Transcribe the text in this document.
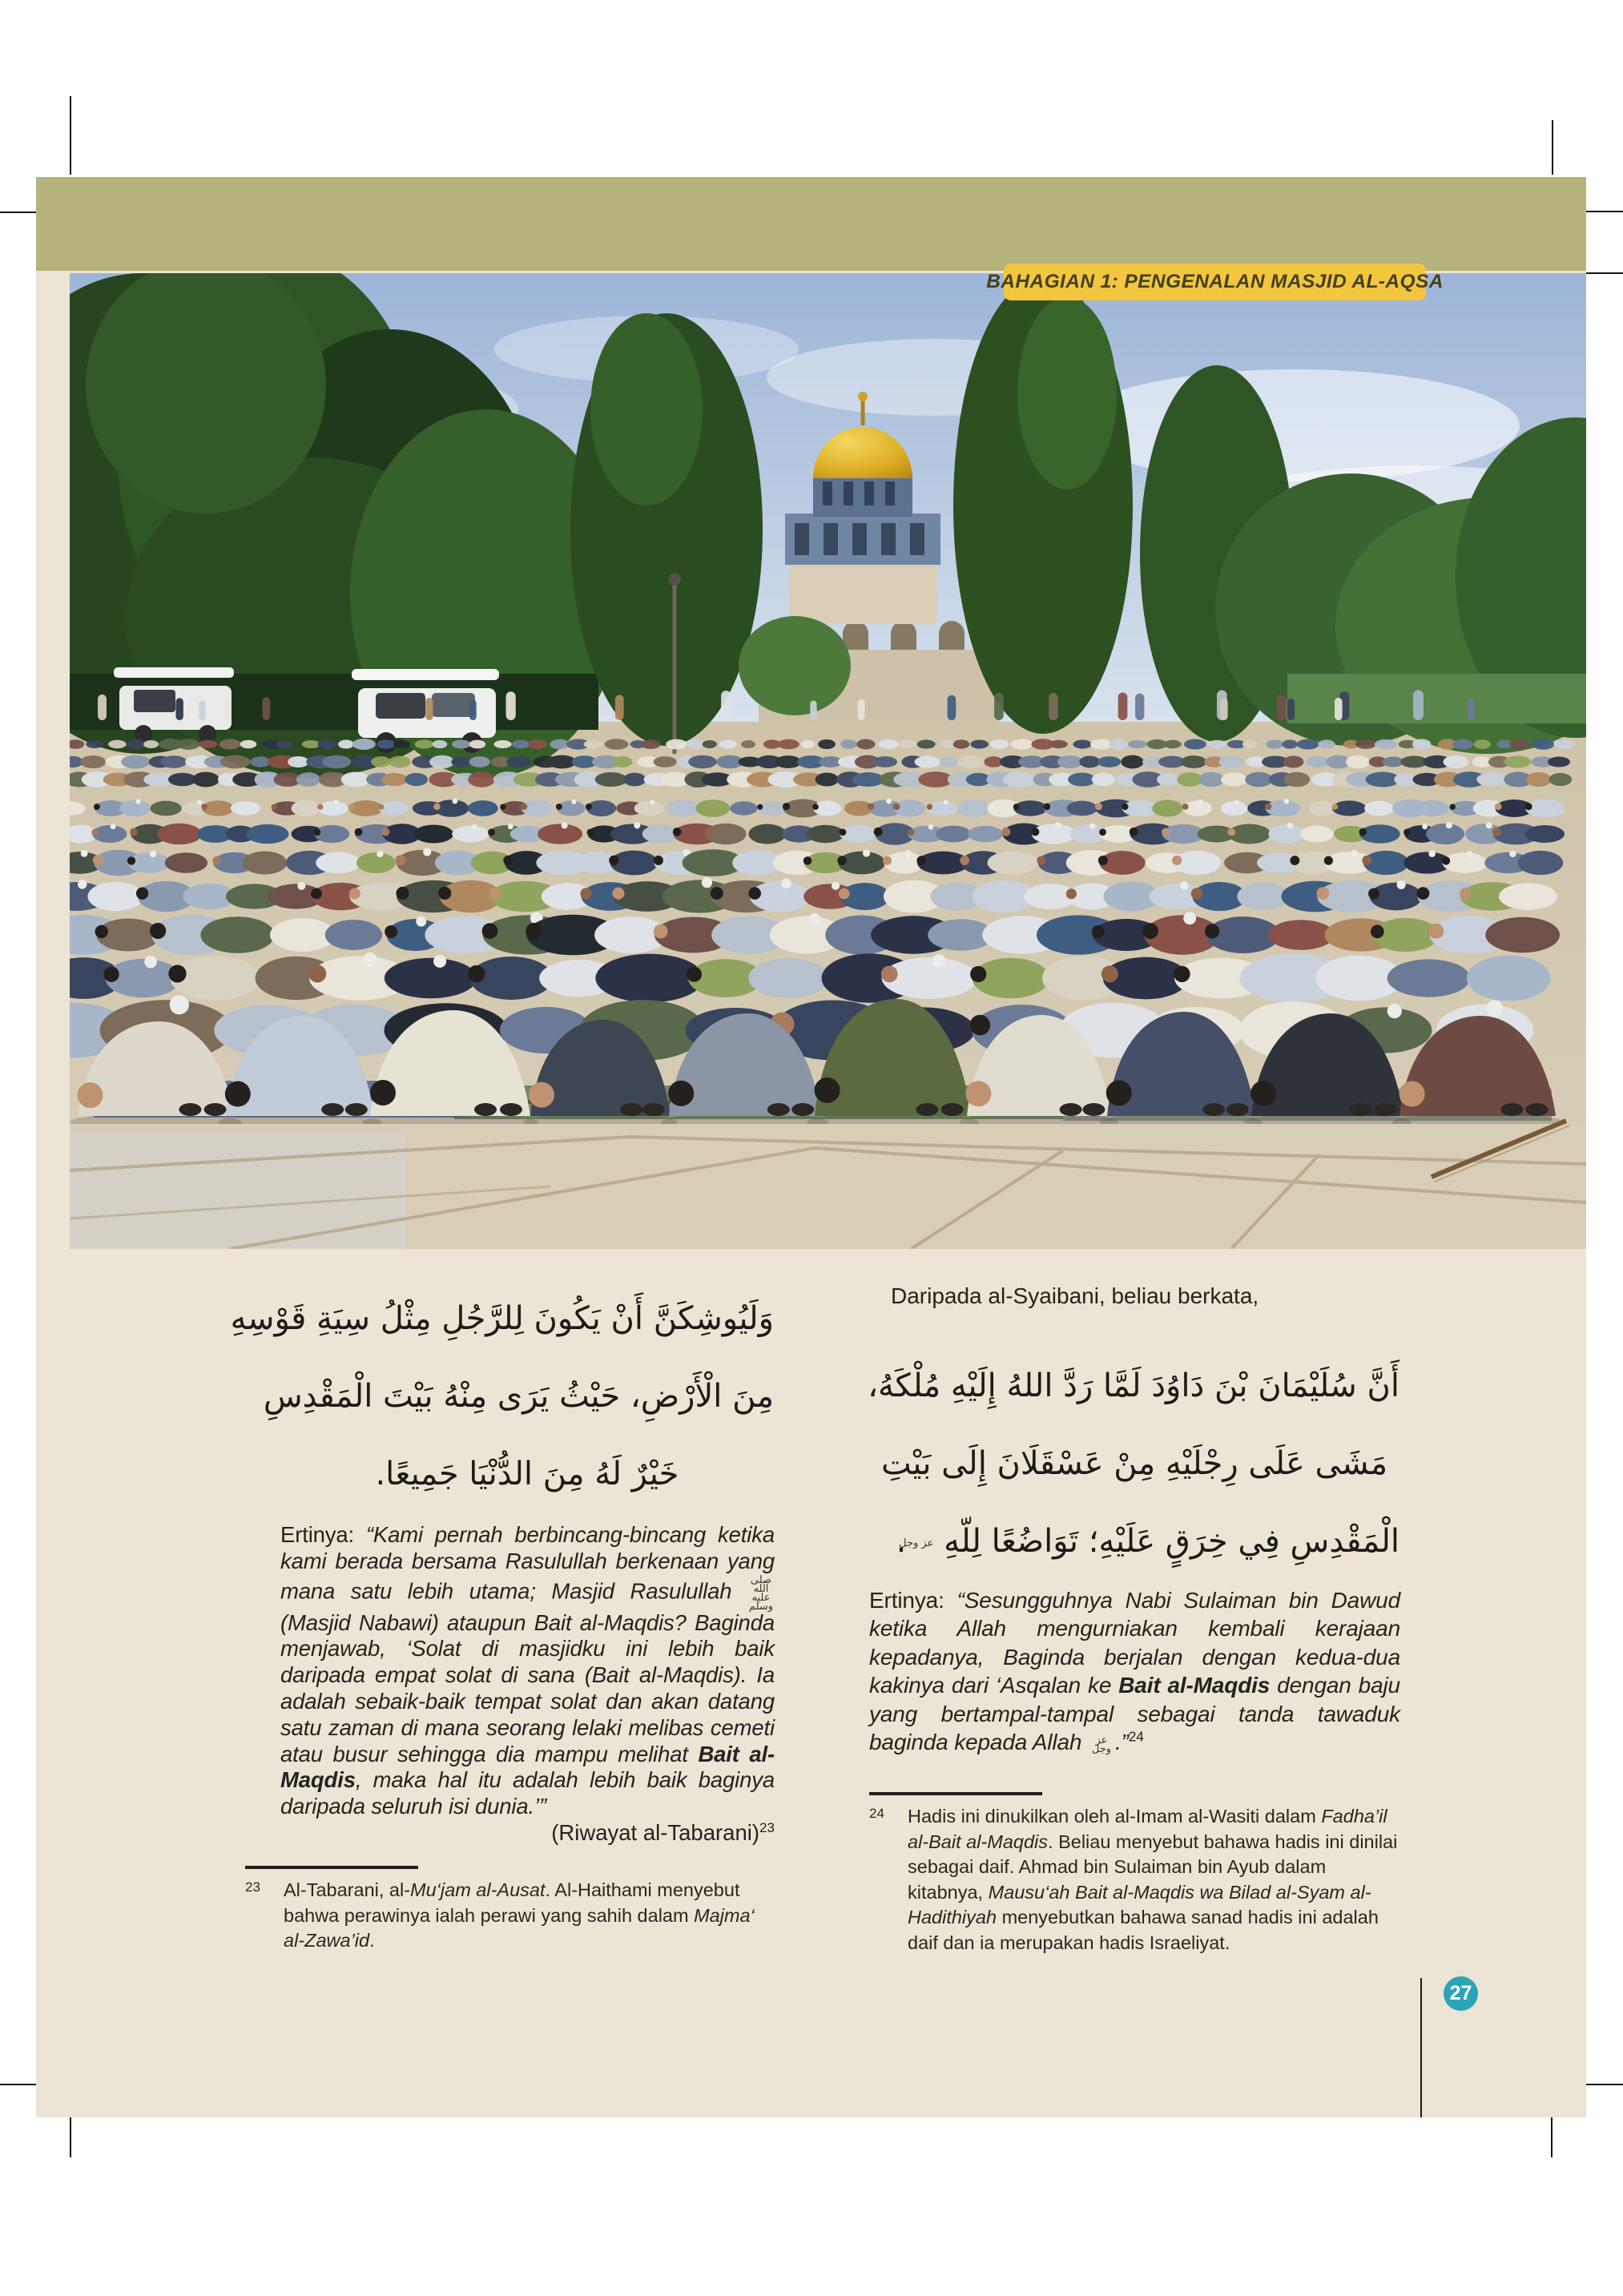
BAHAGIAN 1: PENGENALAN MASJID AL-AQSA
وَلَيُوشِكَنَّ أَنْ يَكُونَ لِلرَّجُلِ مِثْلُ سِيَةِ قَوْسِهِ
مِنَ الْأَرْضِ، حَيْثُ يَرَى مِنْهُ بَيْتَ الْمَقْدِسِ
خَيْرٌ لَهُ مِنَ الدُّنْيَا جَمِيعًا.
Ertinya: “Kami pernah berbincang-bincang ketika kami berada bersama Rasulullah berkenaan yang mana satu lebih utama; Masjid Rasulullah صلى الله عليه وسلم (Masjid Nabawi) ataupun Bait al-Maqdis? Baginda menjawab, ‘Solat di masjidku ini lebih baik daripada empat solat di sana (Bait al-Maqdis). Ia adalah sebaik-baik tempat solat dan akan datang satu zaman di mana seorang lelaki melibas cemeti atau busur sehingga dia mampu melihat Bait al-Maqdis, maka hal itu adalah lebih baik baginya daripada seluruh isi dunia.’”
(Riwayat al-Tabarani)$^{23}$
23	Al-Tabarani, al-Mu‘jam al-Ausat. Al-Haithami menyebut bahwa perawinya ialah perawi yang sahih dalam Majma‘ al-Zawa’id.
Daripada al-Syaibani, beliau berkata,
أَنَّ سُلَيْمَانَ بْنَ دَاوُدَ لَمَّا رَدَّ اللهُ إِلَيْهِ مُلْكَهُ،
مَشَى عَلَى رِجْلَيْهِ مِنْ عَسْقَلَانَ إِلَى بَيْتِ
الْمَقْدِسِ فِي خِرَقٍ عَلَيْهِ؛ تَوَاضُعًا لِلّهِ عز وجل.
Ertinya: “Sesungguhnya Nabi Sulaiman bin Dawud ketika Allah mengurniakan kembali kerajaan kepadanya, Baginda berjalan dengan kedua-dua kakinya dari ‘Asqalan ke Bait al-Maqdis dengan baju yang bertampal-tampal sebagai tanda tawaduk baginda kepada Allah عز وجل .”$^{24}$
24	Hadis ini dinukilkan oleh al-Imam al-Wasiti dalam Fadha’il al-Bait al-Maqdis. Beliau menyebut bahawa hadis ini dinilai sebagai daif. Ahmad bin Sulaiman bin Ayub dalam kitabnya, Mausu‘ah Bait al-Maqdis wa Bilad al-Syam al-Hadithiyah menyebutkan bahawa sanad hadis ini adalah daif dan ia merupakan hadis Israeliyat.
27
